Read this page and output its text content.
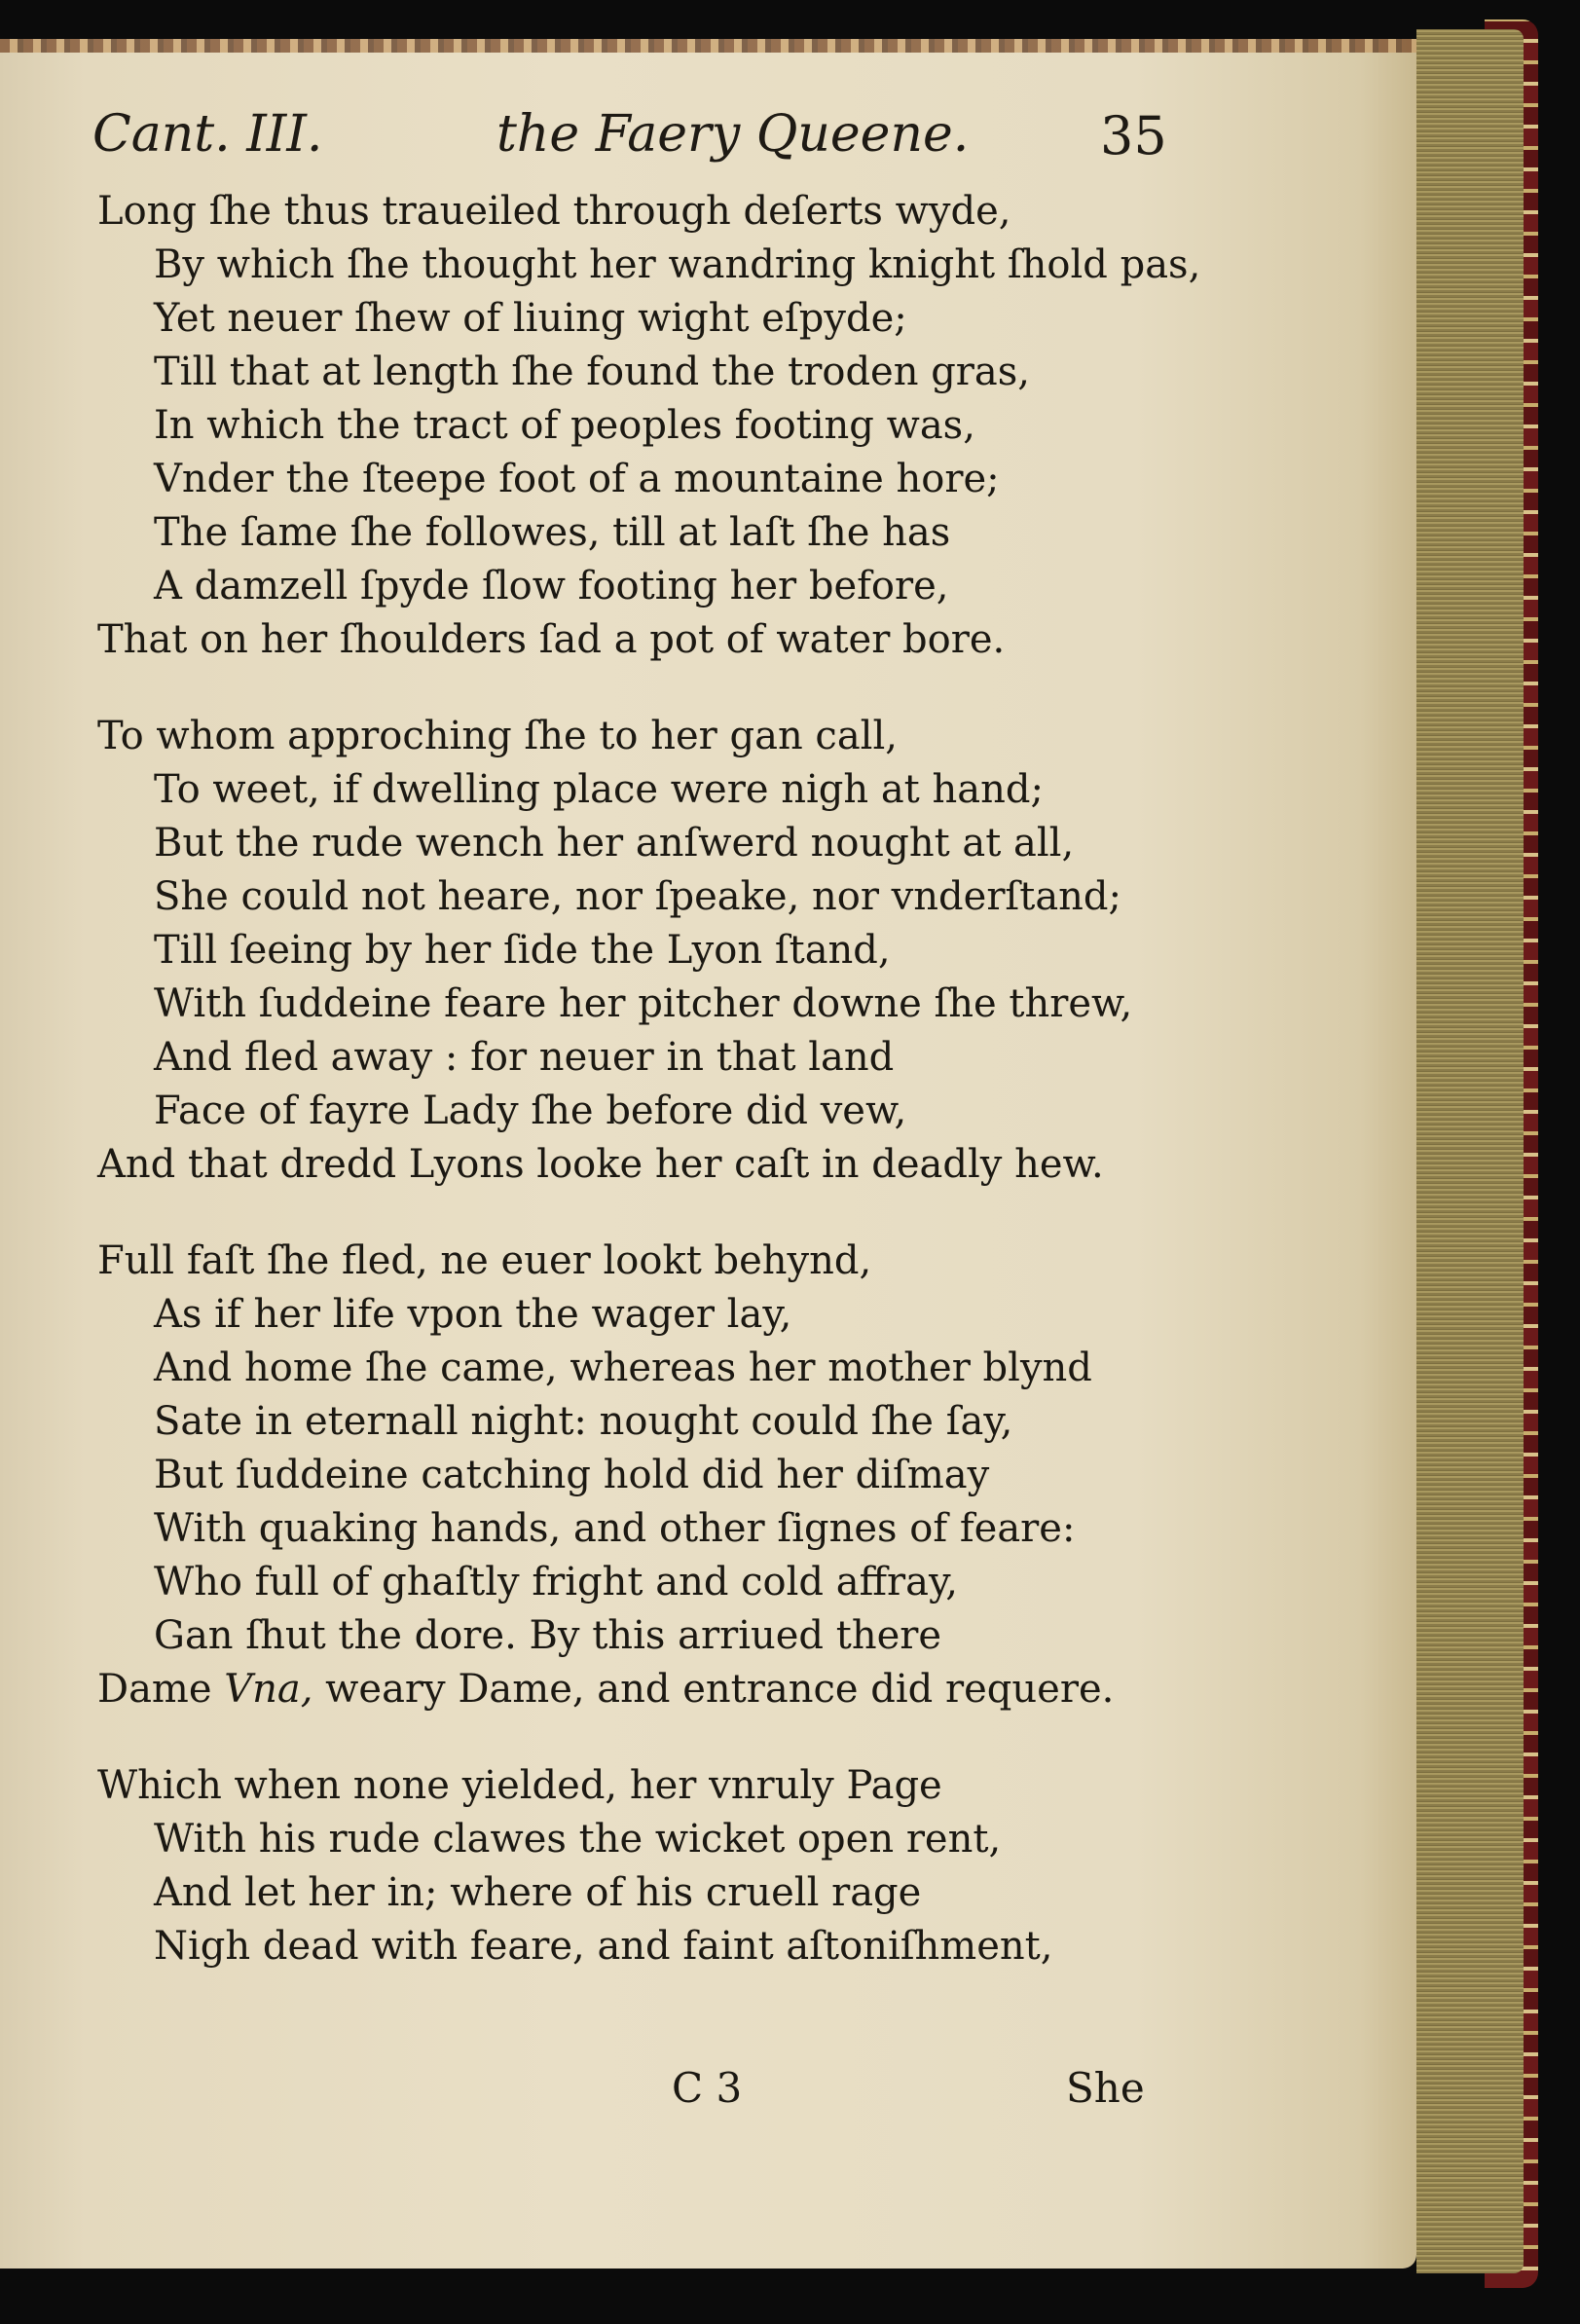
Cant. III.	the Faery Queene. 35
Long ſhe thus traueiled through deſerts wyde,
By which ſhe thought her wandring knight ſhold pas,
Yet neuer ſhew of liuing wight eſpyde;
Till that at length ſhe found the troden gras,
In which the tract of peoples footing was,
Vnder the ſteepe foot of a mountaine hore;
The ſame ſhe followes, till at laſt ſhe has
A damzell ſpyde ſlow footing her before,
That on her ſhoulders ſad a pot of water bore.
To whom approching ſhe to her gan call,
To weet, if dwelling place were nigh at hand;
But the rude wench her anſwerd nought at all,
She could not heare, nor ſpeake, nor vnderſtand;
Till ſeeing by her ſide the Lyon ſtand,
With ſuddeine feare her pitcher downe ſhe threw,
And fled away : for neuer in that land
Face of fayre Lady ſhe before did vew,
And that dredd Lyons looke her caſt in deadly hew.
Full faſt ſhe fled, ne euer lookt behynd,
As if her life vpon the wager lay,
And home ſhe came, whereas her mother blynd
Sate in eternall night: nought could ſhe ſay,
But ſuddeine catching hold did her diſmay
With quaking hands, and other ſignes of feare:
Who full of ghaſtly fright and cold affray,
Gan ſhut the dore. By this arriued there
Dame Vna, weary Dame, and entrance did requere.
Which when none yielded, her vnruly Page
With his rude clawes the wicket open rent,
And let her in; where of his cruell rage
Nigh dead with feare, and faint aſtoniſhment,
C 3	She
